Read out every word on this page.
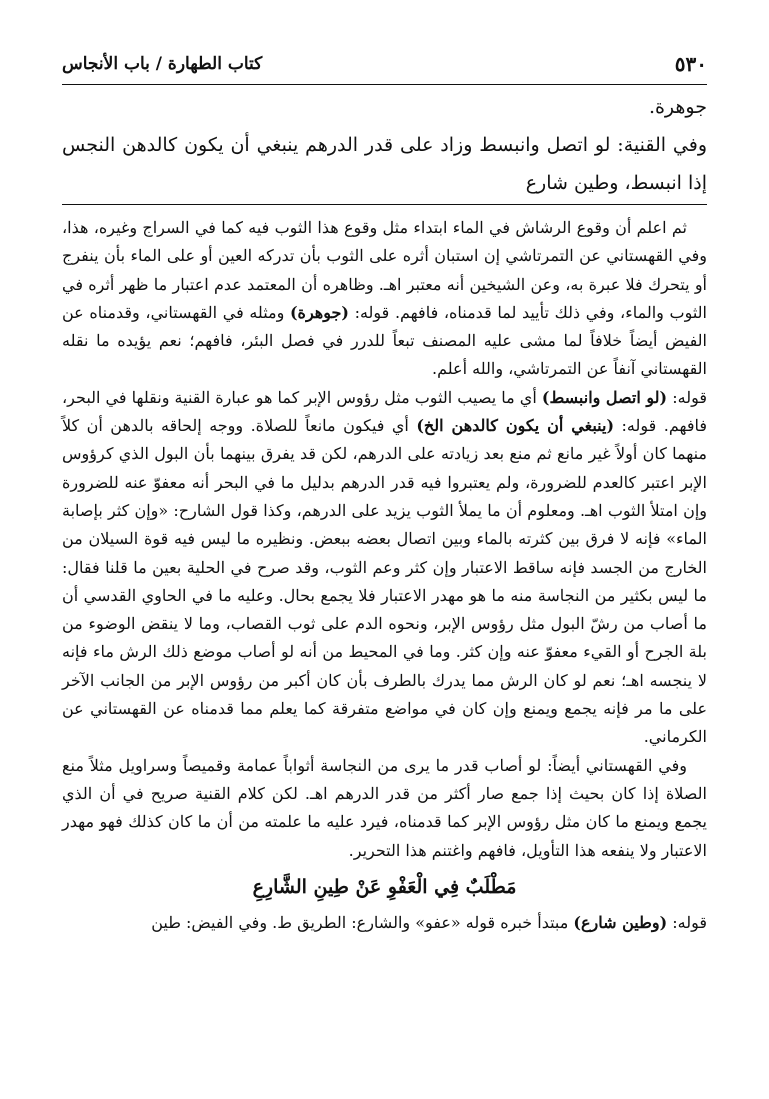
٥٣٠
كتاب الطهارة / باب الأنجاس

جوهرة.

وفي القنية: لو اتصل وانبسط وزاد على قدر الدرهم ينبغي أن يكون كالدهن النجس إذا انبسط، وطين شارع

ثم اعلم أن وقوع الرشاش في الماء ابتداء مثل وقوع هذا الثوب فيه كما في السراج وغيره، هذا، وفي القهستاني عن التمرتاشي إن استبان أثره على الثوب بأن تدركه العين أو على الماء بأن ينفرج أو يتحرك فلا عبرة به، وعن الشيخين أنه معتبر اهـ. وظاهره أن المعتمد عدم اعتبار ما ظهر أثره في الثوب والماء، وفي ذلك تأييد لما قدمناه، فافهم. قوله: (جوهرة) ومثله في القهستاني، وقدمناه عن الفيض أيضاً خلافاً لما مشى عليه المصنف تبعاً للدرر في فصل البئر، فافهم؛ نعم يؤيده ما نقله القهستاني آنفاً عن التمرتاشي، والله أعلم.

قوله: (لو اتصل وانبسط) أي ما يصيب الثوب مثل رؤوس الإبر كما هو عبارة القنية ونقلها في البحر، فافهم. قوله: (ينبغي أن يكون كالدهن الخ) أي فيكون مانعاً للصلاة. ووجه إلحاقه بالدهن أن كلاً منهما كان أولاً غير مانع ثم منع بعد زيادته على الدرهم، لكن قد يفرق بينهما بأن البول الذي كرؤوس الإبر اعتبر كالعدم للضرورة، ولم يعتبروا فيه قدر الدرهم بدليل ما في البحر أنه معفوّ عنه للضرورة وإن امتلأ الثوب اهـ. ومعلوم أن ما يملأ الثوب يزيد على الدرهم، وكذا قول الشارح: «وإن كثر بإصابة الماء» فإنه لا فرق بين كثرته بالماء وبين اتصال بعضه ببعض. ونظيره ما ليس فيه قوة السيلان من الخارج من الجسد فإنه ساقط الاعتبار وإن كثر وعم الثوب، وقد صرح في الحلية بعين ما قلنا فقال: ما ليس بكثير من النجاسة منه ما هو مهدر الاعتبار فلا يجمع بحال. وعليه ما في الحاوي القدسي أن ما أصاب من رشّ البول مثل رؤوس الإبر، ونحوه الدم على ثوب القصاب، وما لا ينقض الوضوء من بلة الجرح أو القيء معفوّ عنه وإن كثر. وما في المحيط من أنه لو أصاب موضع ذلك الرش ماء فإنه لا ينجسه اهـ؛ نعم لو كان الرش مما يدرك بالطرف بأن كان أكبر من رؤوس الإبر من الجانب الآخر على ما مر فإنه يجمع ويمنع وإن كان في مواضع متفرقة كما يعلم مما قدمناه عن القهستاني عن الكرماني.

وفي القهستاني أيضاً: لو أصاب قدر ما يرى من النجاسة أثواباً عمامة وقميصاً وسراويل مثلاً منع الصلاة إذا كان بحيث إذا جمع صار أكثر من قدر الدرهم اهـ. لكن كلام القنية صريح في أن الذي يجمع ويمنع ما كان مثل رؤوس الإبر كما قدمناه، فيرد عليه ما علمته من أن ما كان كذلك فهو مهدر الاعتبار ولا ينفعه هذا التأويل، فافهم واغتنم هذا التحرير.

مَطْلَبٌ فِي الْعَفْوِ عَنْ طِينِ الشَّارِعِ

قوله: (وطين شارع) مبتدأ خبره قوله «عفو» والشارع: الطريق ط. وفي الفيض: طين
